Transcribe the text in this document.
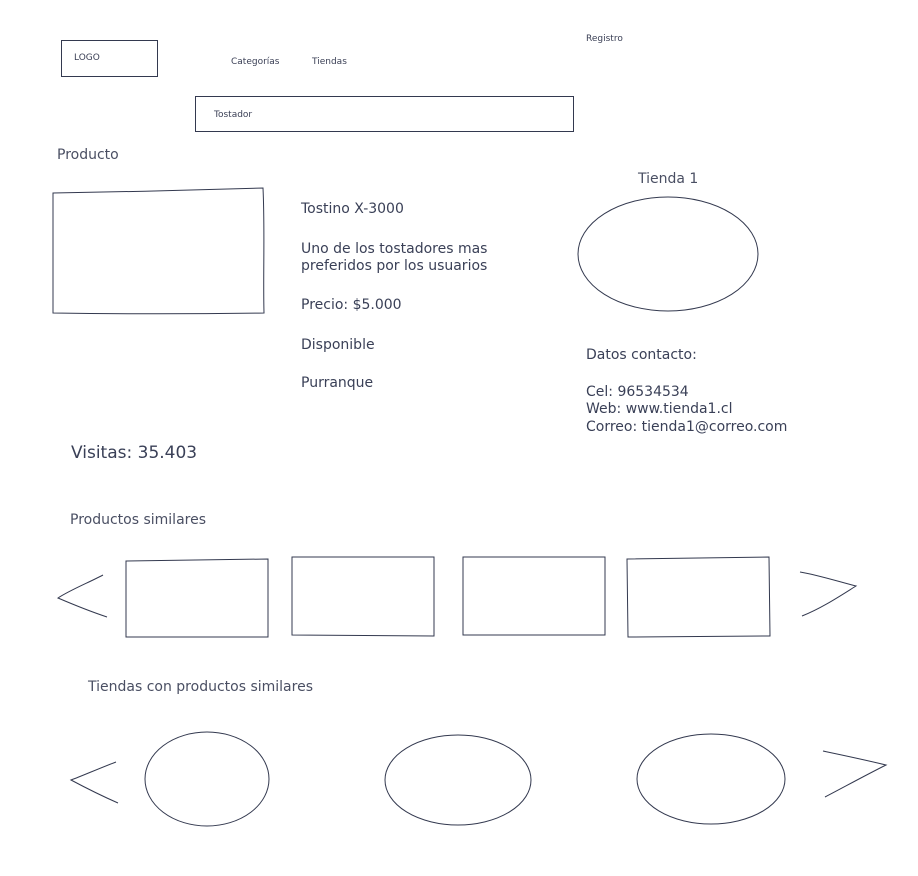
LOGO	Categorías	Tiendas
Registro
Tostador
Producto
Tostino X-3000
Uno de los tostadores mas preferidos por los usuarios
Precio: $5.000
Disponible
Purranque
Tienda 1
Datos contacto:
Cel: 96534534
Web: www.tienda1.cl
Correo: tienda1@correo.com
Visitas: 35.403
Productos similares
Tiendas con productos similares
